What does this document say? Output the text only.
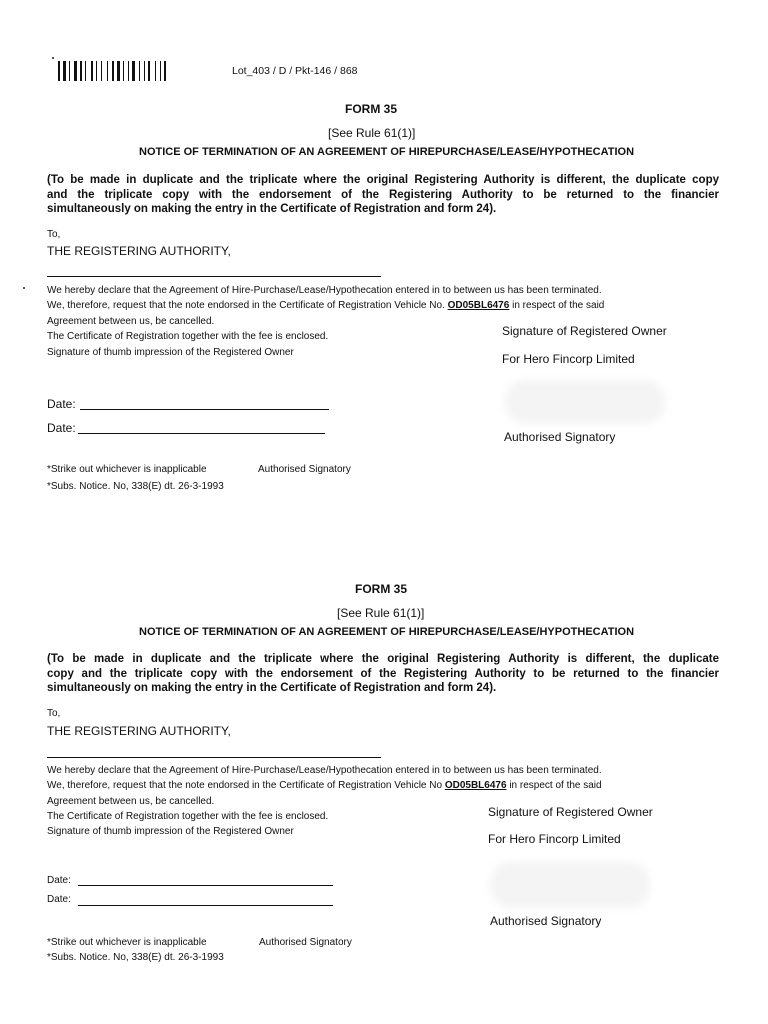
Lot_403 / D / Pkt-146 / 868
FORM 35
[See Rule 61(1)]
NOTICE OF TERMINATION OF AN AGREEMENT OF HIREPURCHASE/LEASE/HYPOTHECATION
(To be made in duplicate and the triplicate where the original Registering Authority is different, the duplicate copy
and the triplicate copy with the endorsement of the Registering Authority to be returned to the financier
simultaneously on making the entry in the Certificate of Registration and form 24).
To,
THE REGISTERING AUTHORITY,
We hereby declare that the Agreement of Hire-Purchase/Lease/Hypothecation entered in to between us has been terminated.
We, therefore, request that the note endorsed in the Certificate of Registration Vehicle No. OD05BL6476 in respect of the said
Agreement between us, be cancelled.
The Certificate of Registration together with the fee is enclosed.
Signature of thumb impression of the Registered Owner
Signature of Registered Owner
For Hero Fincorp Limited
Authorised Signatory
Date:
Date:
*Strike out whichever is inapplicable	Authorised Signatory
*Subs. Notice. No, 338(E) dt. 26-3-1993
FORM 35
[See Rule 61(1)]
NOTICE OF TERMINATION OF AN AGREEMENT OF HIREPURCHASE/LEASE/HYPOTHECATION
(To be made in duplicate and the triplicate where the original Registering Authority is different, the duplicate
copy and the triplicate copy with the endorsement of the Registering Authority to be returned to the financier
simultaneously on making the entry in the Certificate of Registration and form 24).
To,
THE REGISTERING AUTHORITY,
We hereby declare that the Agreement of Hire-Purchase/Lease/Hypothecation entered in to between us has been terminated.
We, therefore, request that the note endorsed in the Certificate of Registration Vehicle No OD05BL6476 in respect of the said
Agreement between us, be cancelled.
The Certificate of Registration together with the fee is enclosed.
Signature of thumb impression of the Registered Owner
Signature of Registered Owner
For Hero Fincorp Limited
Authorised Signatory
Date:
Date:
*Strike out whichever is inapplicable	Authorised Signatory
*Subs. Notice. No, 338(E) dt. 26-3-1993
